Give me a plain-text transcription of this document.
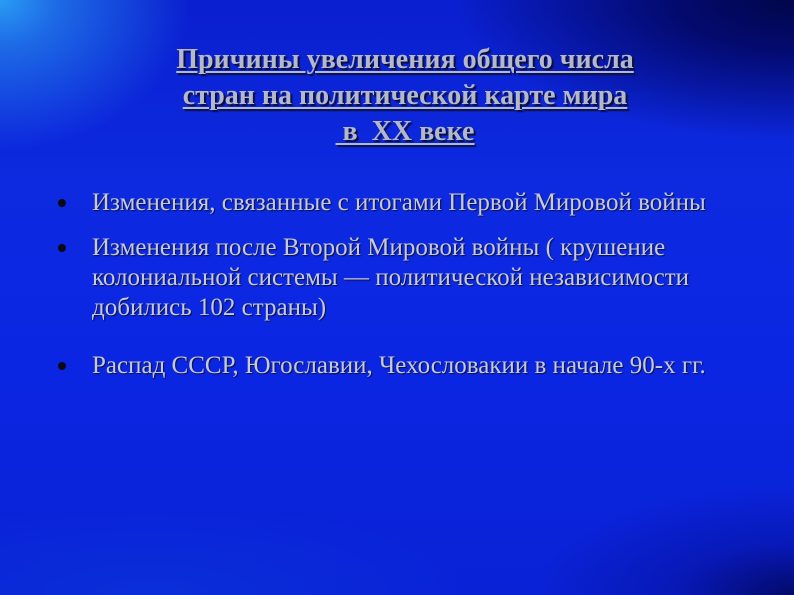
Причины увеличения общего числа
стран на политической карте мира
в  XX веке
Изменения, связанные с итогами Первой Мировой войны
Изменения после Второй Мировой войны ( крушение колониальной системы — политической независимости добились 102 страны)
Распад СССР, Югославии, Чехословакии в начале 90-х гг.
